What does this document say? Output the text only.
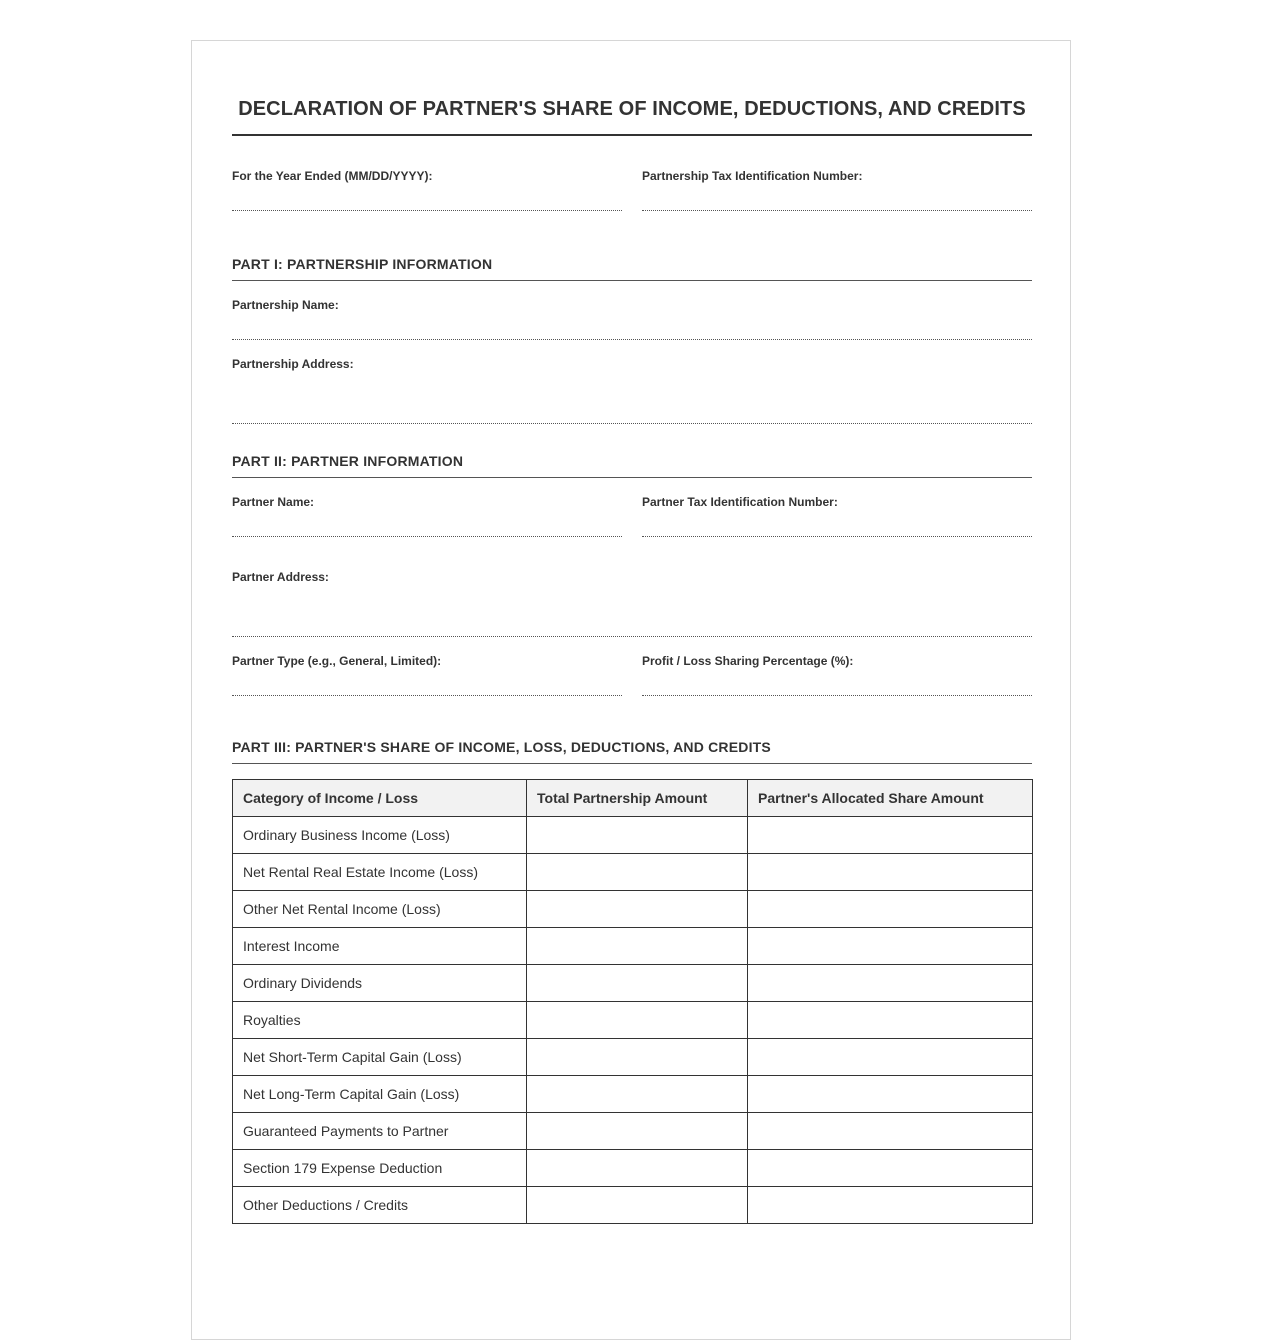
DECLARATION OF PARTNER'S SHARE OF INCOME, DEDUCTIONS, AND CREDITS
For the Year Ended (MM/DD/YYYY):	Partnership Tax Identification Number:
PART I: PARTNERSHIP INFORMATION
Partnership Name:
Partnership Address:
PART II: PARTNER INFORMATION
Partner Name:	Partner Tax Identification Number:
Partner Address:
Partner Type (e.g., General, Limited):	Profit / Loss Sharing Percentage (%):
PART III: PARTNER'S SHARE OF INCOME, LOSS, DEDUCTIONS, AND CREDITS
Category of Income / Loss	Total Partnership Amount	Partner's Allocated Share Amount
Ordinary Business Income (Loss)		
Net Rental Real Estate Income (Loss)		
Other Net Rental Income (Loss)		
Interest Income		
Ordinary Dividends		
Royalties		
Net Short-Term Capital Gain (Loss)		
Net Long-Term Capital Gain (Loss)		
Guaranteed Payments to Partner		
Section 179 Expense Deduction		
Other Deductions / Credits		
